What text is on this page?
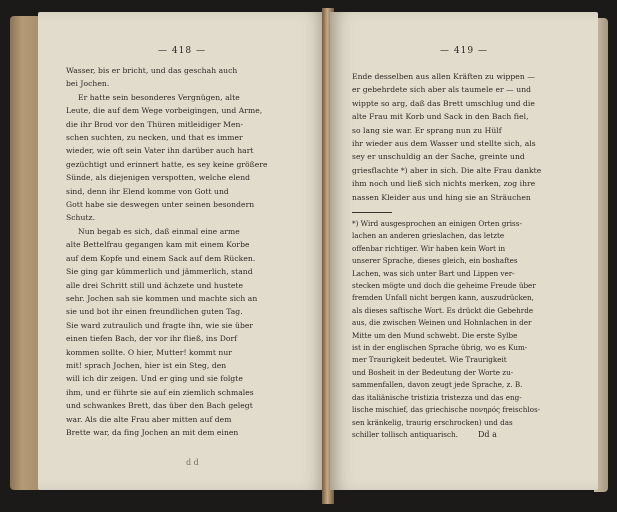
— 418 —
Wasser, bis er bricht, und das geschah auch
bei Jochen.
Er hatte sein besonderes Vergnügen, alte
Leute, die auf dem Wege vorbeigingen, und Arme,
die ihr Brod vor den Thüren mitleidiger Men-
schen suchten, zu necken, und that es immer
wieder, wie oft sein Vater ihn darüber auch hart
gezüchtigt und erinnert hatte, es sey keine größere
Sünde, als diejenigen verspotten, welche elend
sind, denn ihr Elend komme von Gott und
Gott habe sie deswegen unter seinen besondern
Schutz.
Nun begab es sich, daß einmal eine arme
alte Bettelfrau gegangen kam mit einem Korbe
auf dem Kopfe und einem Sack auf dem Rücken.
Sie ging gar kümmerlich und jämmerlich, stand
alle drei Schritt still und ächzete und hustete
sehr. Jochen sah sie kommen und machte sich an
sie und bot ihr einen freundlichen guten Tag.
Sie ward zutraulich und fragte ihn, wie sie über
einen tiefen Bach, der vor ihr fließ, ins Dorf
kommen sollte. O hier, Mutter! kommt nur
mit! sprach Jochen, hier ist ein Steg, den
will ich dir zeigen. Und er ging und sie folgte
ihm, und er führte sie auf ein ziemlich schmales
und schwankes Brett, das über den Bach gelegt
war. Als die alte Frau aber mitten auf dem
Brette war, da fing Jochen an mit dem einen
d d
— 419 —
Ende desselben aus allen Kräften zu wippen —
er gebehrdete sich aber als taumele er — und
wippte so arg, daß das Brett umschlug und die
alte Frau mit Korb und Sack in den Bach fiel,
so lang sie war. Er sprang nun zu Hülf
ihr wieder aus dem Wasser und stellte sich, als
sey er unschuldig an der Sache, greinte und
griesflachte *) aber in sich. Die alte Frau dankte
ihm noch und ließ sich nichts merken, zog ihre
nassen Kleider aus und hing sie an Sträuchen
*) Wird ausgesprochen an einigen Orten griss-
lachen an anderen grieslachen, das letzte
offenbar richtiger. Wir haben kein Wort in
unserer Sprache, dieses gleich, ein boshaftes
Lachen, was sich unter Bart und Lippen ver-
stecken mögte und doch die geheime Freude über
fremden Unfall nicht bergen kann, auszudrücken,
als dieses saftische Wort. Es drückt die Gebehrde
aus, die zwischen Weinen und Hohnlachen in der
Mitte um den Mund schwebt. Die erste Sylbe
ist in der englischen Sprache übrig, wo es Kum-
mer Traurigkeit bedeutet. Wie Traurigkeit
und Bosheit in der Bedeutung der Worte zu-
sammenfallen, davon zeugt jede Sprache, z. B.
das italiänische tristizia tristezza und das eng-
lische mischief, das griechische πονηρός freischlos-
sen kränkelig, traurig erschrocken) und das
schiller tollisch antiquarisch.	Dd a
